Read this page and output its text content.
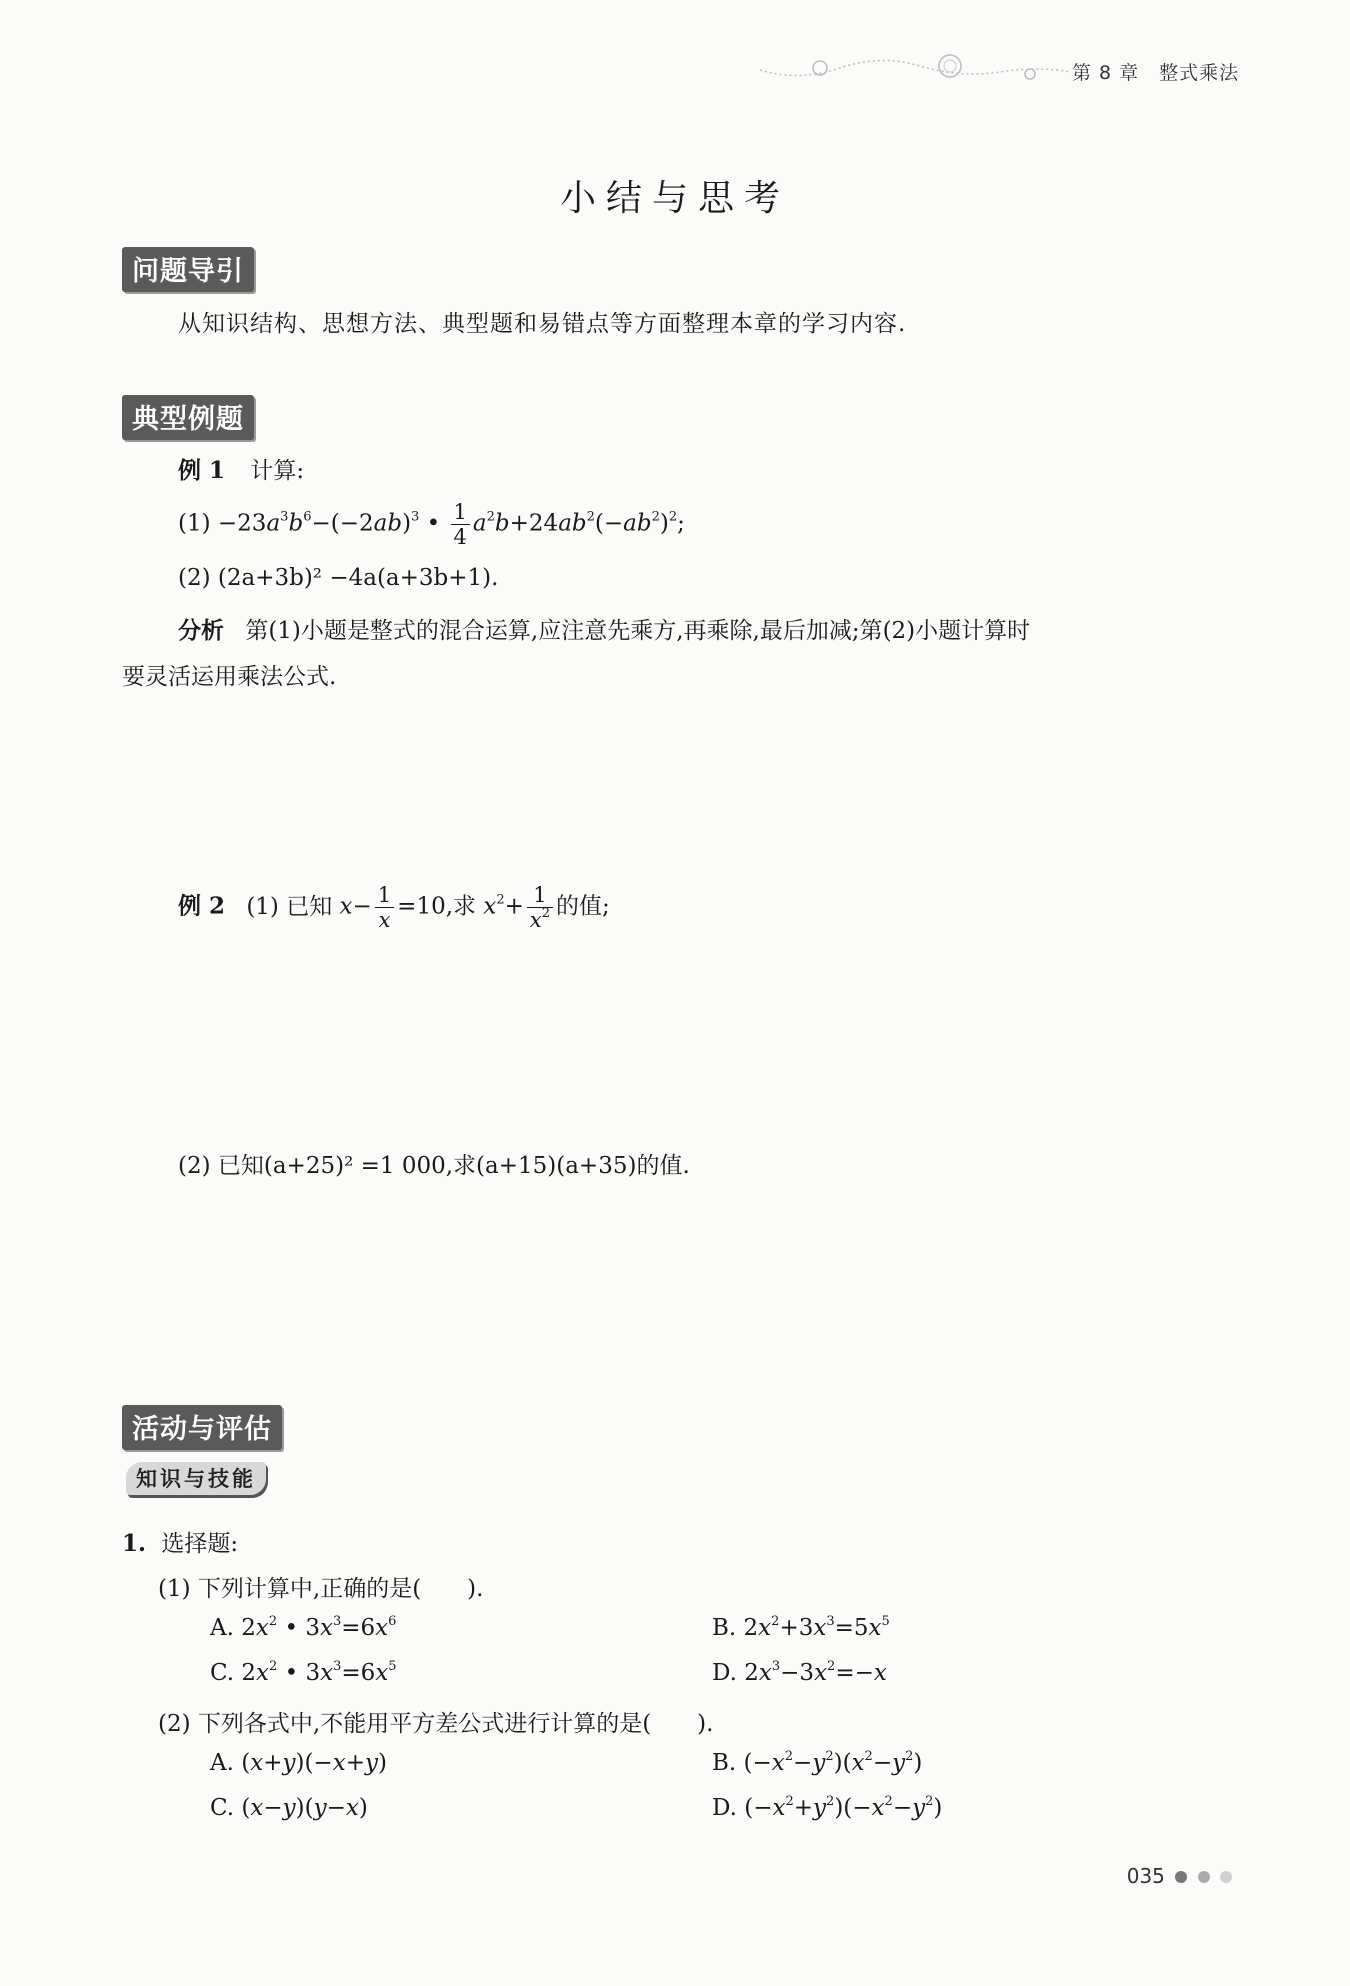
第 8 章　整式乘法
小结与思考
问题导引
从知识结构、思想方法、典型题和易错点等方面整理本章的学习内容.
典型例题
例 1 计算:
$(1) -23a^3b^6-(-2ab)^3$ • $\frac{1}{4} a^2b+24ab^2(-ab^2)^2$;
(2) (2a+3b)² −4a(a+3b+1).
分析 第(1)小题是整式的混合运算,应注意先乘方,再乘除,最后加减;第(2)小题计算时
要灵活运用乘法公式.
例 2 (1) 已知 $x- \frac{1}{x} =10$,求 $x^2+ \frac{1}{x^2}$ 的值;
(2) 已知(a+25)² =1 000,求(a+15)(a+35)的值.
活动与评估
知识与技能
1. 选择题:
(1) 下列计算中,正确的是(　　).
A. $2x^2$ • $3x^3=6x^6$	B. $2x^2+3x^3=5x^5$
C. $2x^2$ • $3x^3=6x^5$	D. $2x^3-3x^2=-x$
(2) 下列各式中,不能用平方差公式进行计算的是(　　).
A. (x+y)(−x+y)	B. $(-x^2-y^2)(x^2-y^2)$
C. (x−y)(y−x)	D. $(-x^2+y^2)(-x^2-y^2)$
035
